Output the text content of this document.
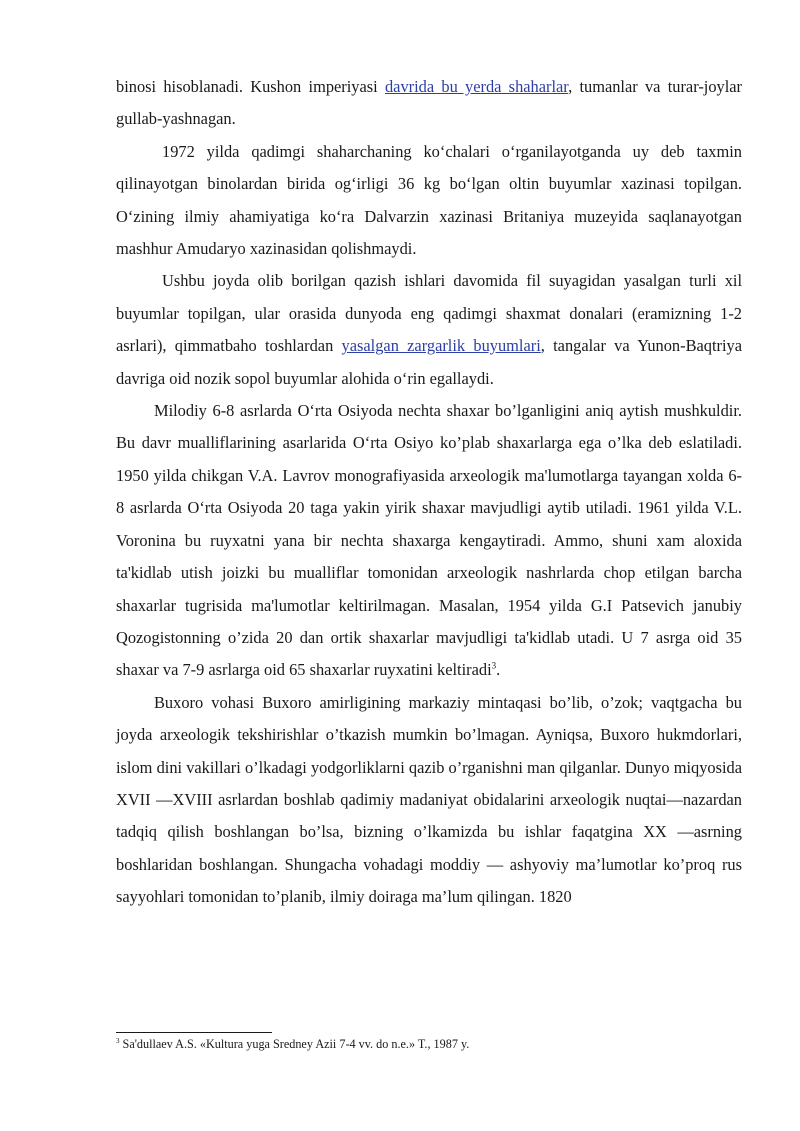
binosi hisoblanadi. Kushon imperiyasi davrida bu yerda shaharlar, tumanlar va turar-joylar gullab-yashnagan.

1972 yilda qadimgi shaharchaning koʻchalari oʻrganilayotganda uy deb taxmin qilinayotgan binolardan birida ogʻirligi 36 kg boʻlgan oltin buyumlar xazinasi topilgan. Oʻzining ilmiy ahamiyatiga koʻra Dalvarzin xazinasi Britaniya muzeyida saqlanayotgan mashhur Amudaryo xazinasidan qolishmaydi.

Ushbu joyda olib borilgan qazish ishlari davomida fil suyagidan yasalgan turli xil buyumlar topilgan, ular orasida dunyoda eng qadimgi shaxmat donalari (eramizning 1-2 asrlari), qimmatbaho toshlardan yasalgan zargarlik buyumlari, tangalar va Yunon-Baqtriya davriga oid nozik sopol buyumlar alohida oʻrin egallaydi.

Milodiy 6-8 asrlarda Oʻrta Osiyoda nechta shaxar bo’lganligini aniq aytish mushkuldir. Bu davr mualliflarining asarlarida Oʻrta Osiyo ko’plab shaxarlarga ega o’lka deb eslatiladi. 1950 yilda chikgan V.A. Lavrov monografiyasida arxeologik ma'lumotlarga tayangan xolda 6-8 asrlarda Oʻrta Osiyoda 20 taga yakin yirik shaxar mavjudligi aytib utiladi. 1961 yilda V.L. Voronina bu ruyxatni yana bir nechta shaxarga kengaytiradi. Ammo, shuni xam aloxida ta'kidlab utish joizki bu mualliflar tomonidan arxeologik nashrlarda chop etilgan barcha shaxarlar tugrisida ma'lumotlar keltirilmagan. Masalan, 1954 yilda G.I Patsevich janubiy Qozogistonning o’zida 20 dan ortik shaxarlar mavjudligi ta'kidlab utadi. U 7 asrga oid 35 shaxar va 7-9 asrlarga oid 65 shaxarlar ruyxatini keltiradi$^3$.

Buxoro vohasi Buxoro amirligining markaziy mintaqasi bo’lib, o’zok; vaqtgacha bu joyda arxeologik tekshirishlar o’tkazish mumkin bo’lmagan. Ayniqsa, Buxoro hukmdorlari, islom dini vakillari o’lkadagi yodgorliklarni qazib o’rganishni man qilganlar. Dunyo miqyosida XVII —XVIII asrlardan boshlab qadimiy madaniyat obidalarini arxeologik nuqtai—nazardan tadqiq qilish boshlangan bo’lsa, bizning o’lkamizda bu ishlar faqatgina XX —asrning boshlaridan boshlangan. Shungacha vohadagi moddiy — ashyoviy ma’lumotlar ko’proq rus sayyohlari tomonidan to’planib, ilmiy doiraga ma’lum qilingan. 1820

$^3$ Sa'dullaev A.S. «Kultura yuga Sredney Azii 7-4 vv. do n.e.» T., 1987 y.
